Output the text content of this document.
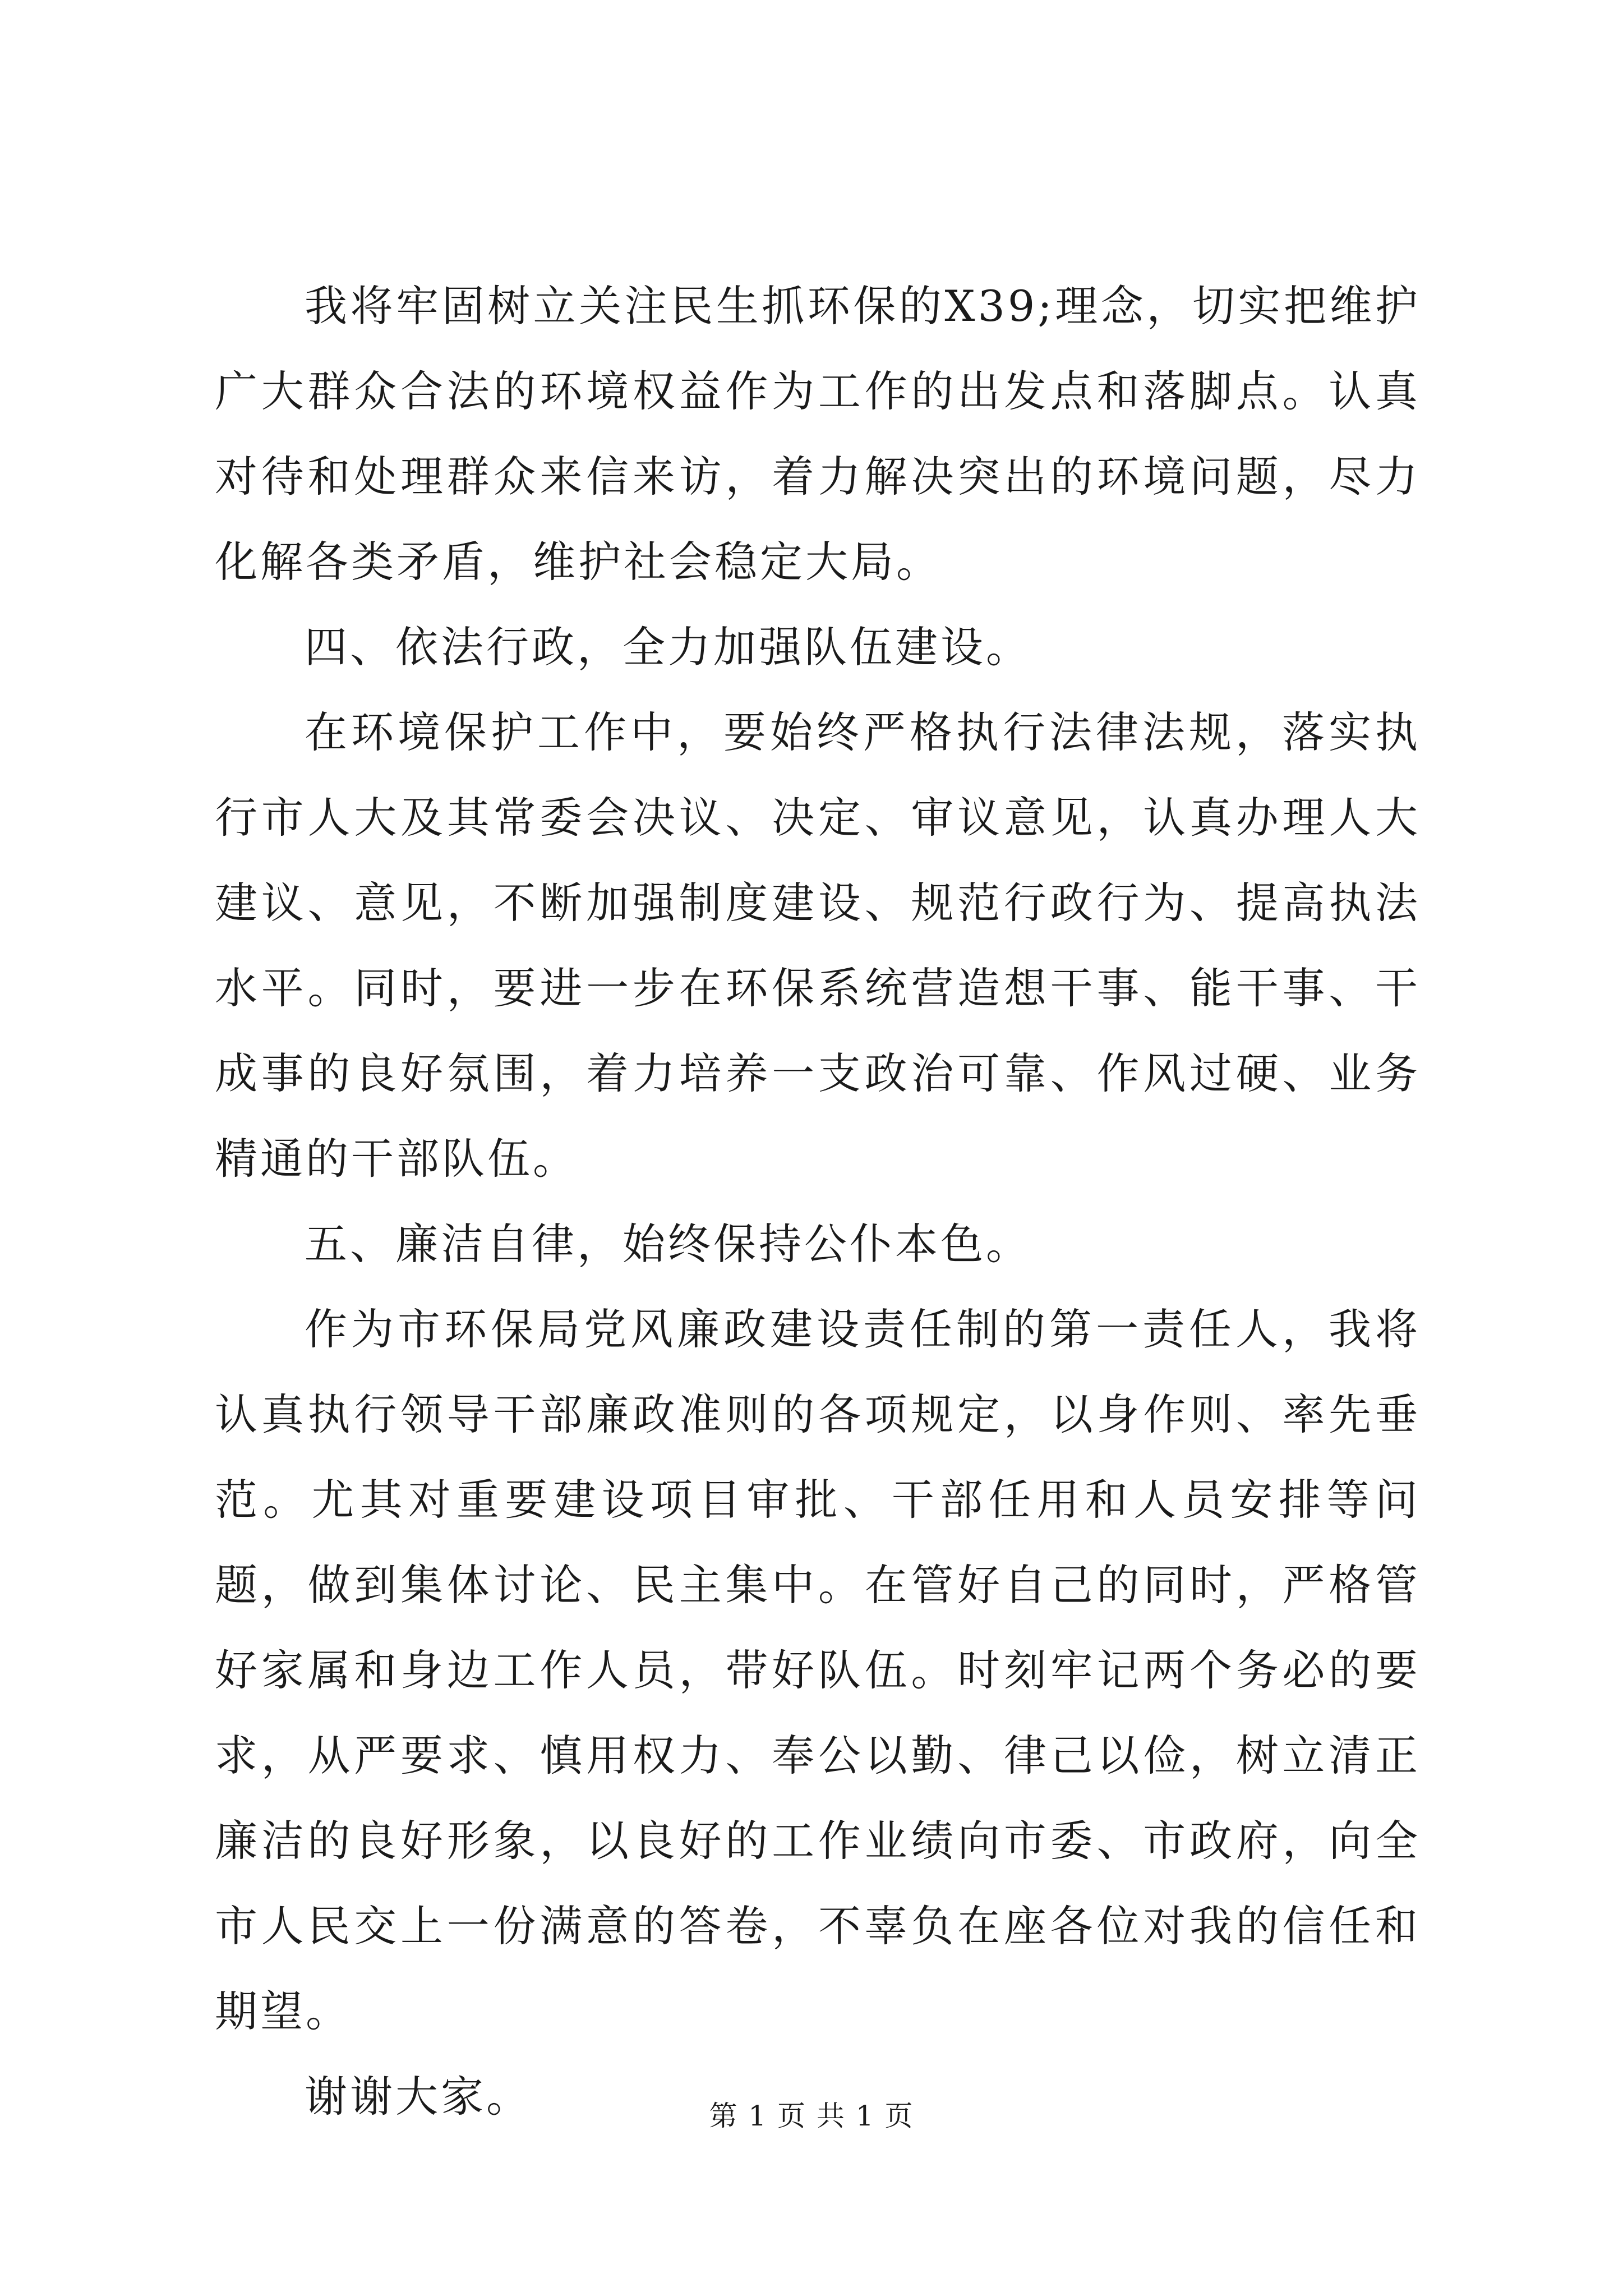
我将牢固树立关注民生抓环保的X39;理念，切实把维护广大群众合法的环境权益作为工作的出发点和落脚点。认真对待和处理群众来信来访，着力解决突出的环境问题，尽力化解各类矛盾，维护社会稳定大局。

四、依法行政，全力加强队伍建设。

在环境保护工作中，要始终严格执行法律法规，落实执行市人大及其常委会决议、决定、审议意见，认真办理人大建议、意见，不断加强制度建设、规范行政行为、提高执法水平。同时，要进一步在环保系统营造想干事、能干事、干成事的良好氛围，着力培养一支政治可靠、作风过硬、业务精通的干部队伍。

五、廉洁自律，始终保持公仆本色。

作为市环保局党风廉政建设责任制的第一责任人，我将认真执行领导干部廉政准则的各项规定，以身作则、率先垂范。尤其对重要建设项目审批、干部任用和人员安排等问题，做到集体讨论、民主集中。在管好自己的同时，严格管好家属和身边工作人员，带好队伍。时刻牢记两个务必的要求，从严要求、慎用权力、奉公以勤、律己以俭，树立清正廉洁的良好形象，以良好的工作业绩向市委、市政府，向全市人民交上一份满意的答卷，不辜负在座各位对我的信任和期望。

谢谢大家。	第 1 页 共 1 页
